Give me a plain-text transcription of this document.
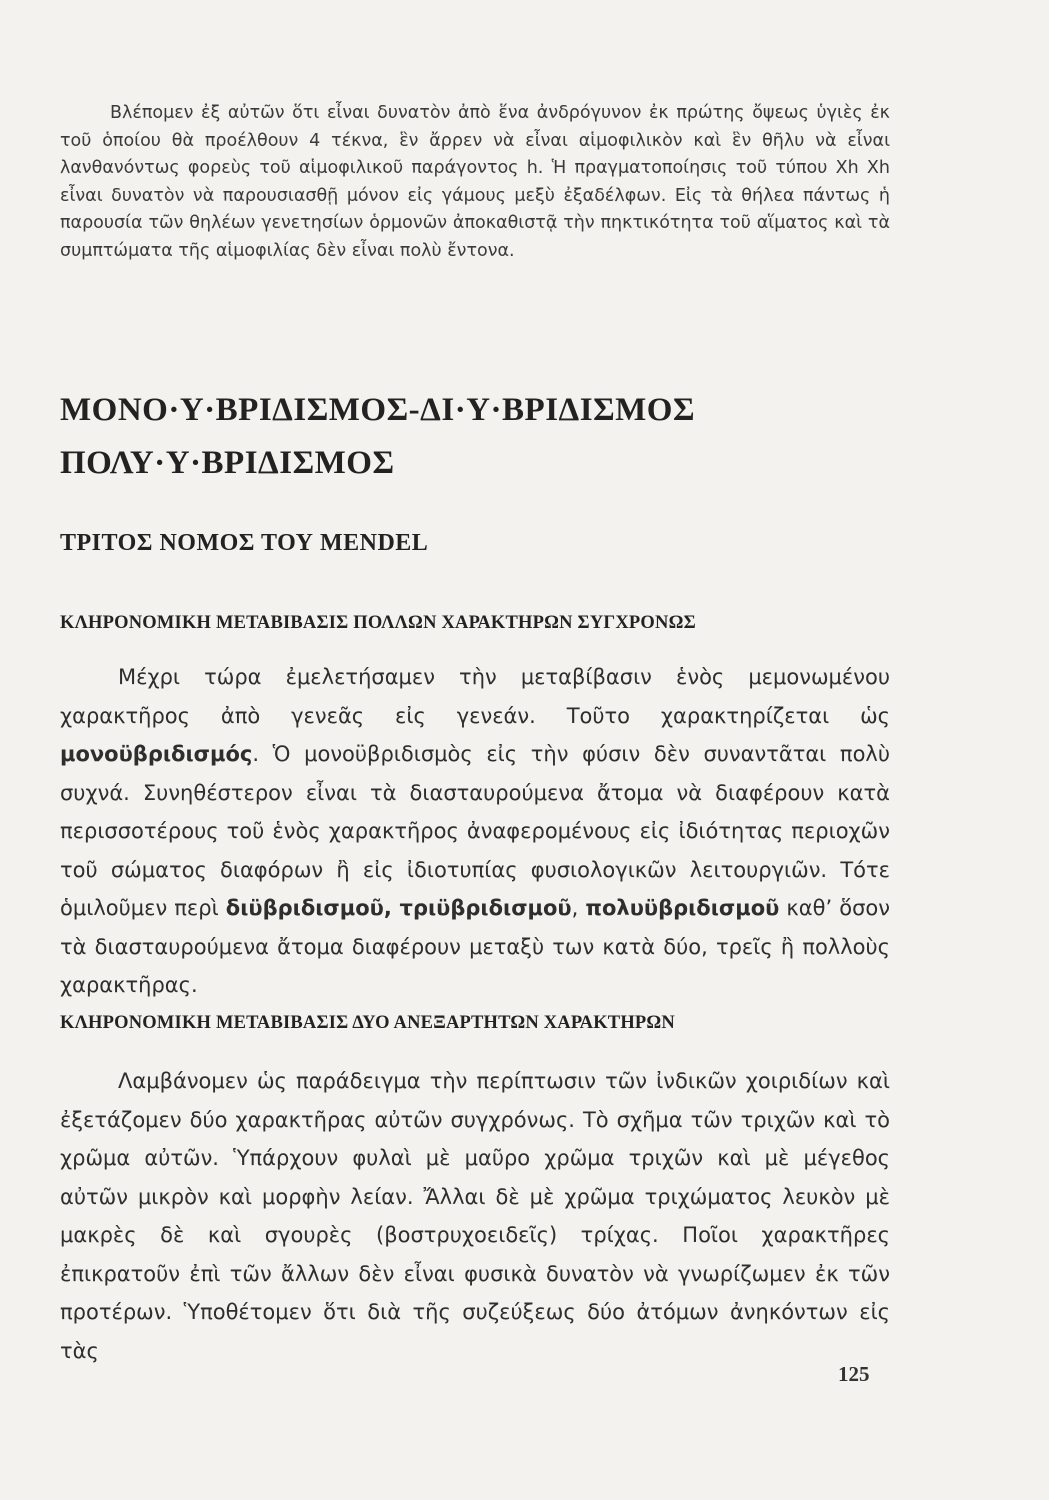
Βλέπομεν ἐξ αὐτῶν ὅτι εἶναι δυνατὸν ἀπὸ ἕνα ἀνδρόγυνον ἐκ πρώτης ὄψεως ὑγιὲς ἐκ τοῦ ὁποίου θὰ προέλθουν 4 τέκνα, ἓν ἄρρεν νὰ εἶναι αἱμοφιλικὸν καὶ ἓν θῆλυ νὰ εἶναι λανθανόντως φορεὺς τοῦ αἱμοφιλικοῦ παράγοντος h. Ἡ πραγματοποίησις τοῦ τύπου Xh Xh εἶναι δυνατὸν νὰ παρουσιασθῇ μόνον εἰς γάμους μεξὺ ἐξαδέλφων. Εἰς τὰ θήλεα πάντως ἡ παρουσία τῶν θηλέων γενετησίων ὁρμονῶν ἀποκαθιστᾷ τὴν πηκτικότητα τοῦ αἵματος καὶ τὰ συμπτώματα τῆς αἱμοφιλίας δὲν εἶναι πολὺ ἔντονα.

ΜΟΝΟ·Υ·ΒΡΙΔΙΣΜΟΣ-ΔΙ·Υ·ΒΡΙΔΙΣΜΟΣ
ΠΟΛΥ·Υ·ΒΡΙΔΙΣΜΟΣ
ΤΡΙΤΟΣ ΝΟΜΟΣ ΤΟΥ MENDEL
ΚΛΗΡΟΝΟΜΙΚΗ ΜΕΤΑΒΙΒΑΣΙΣ ΠΟΛΛΩΝ ΧΑΡΑΚΤΗΡΩΝ ΣΥΓΧΡΟΝΩΣ

Μέχρι τώρα ἐμελετήσαμεν τὴν μεταβίβασιν ἑνὸς μεμονωμένου χαρακτῆρος ἀπὸ γενεᾶς εἰς γενεάν. Τοῦτο χαρακτηρίζεται ὡς μονοϋβριδισμός. Ὁ μονοϋβριδισμὸς εἰς τὴν φύσιν δὲν συναντᾶται πολὺ συχνά. Συνηθέστερον εἶναι τὰ διασταυρούμενα ἄτομα νὰ διαφέρουν κατὰ περισσοτέρους τοῦ ἑνὸς χαρακτῆρος ἀναφερομένους εἰς ἰδιότητας περιοχῶν τοῦ σώματος διαφόρων ἢ εἰς ἰδιοτυπίας φυσιολογικῶν λειτουργιῶν. Τότε ὁμιλοῦμεν περὶ διϋβριδισμοῦ, τριϋβριδισμοῦ, πολυϋβριδισμοῦ καθ’ ὅσον τὰ διασταυρούμενα ἄτομα διαφέρουν μεταξὺ των κατὰ δύο, τρεῖς ἢ πολλοὺς χαρακτῆρας.

ΚΛΗΡΟΝΟΜΙΚΗ ΜΕΤΑΒΙΒΑΣΙΣ ΔΥΟ ΑΝΕΞΑΡΤΗΤΩΝ ΧΑΡΑΚΤΗΡΩΝ

Λαμβάνομεν ὡς παράδειγμα τὴν περίπτωσιν τῶν ἰνδικῶν χοιριδίων καὶ ἐξετάζομεν δύο χαρακτῆρας αὐτῶν συγχρόνως. Τὸ σχῆμα τῶν τριχῶν καὶ τὸ χρῶμα αὐτῶν. Ὑπάρχουν φυλαὶ μὲ μαῦρο χρῶμα τριχῶν καὶ μὲ μέγεθος αὐτῶν μικρὸν καὶ μορφὴν λείαν. Ἄλλαι δὲ μὲ χρῶμα τριχώματος λευκὸν μὲ μακρὲς δὲ καὶ σγουρὲς (βοστρυχοειδεῖς) τρίχας. Ποῖοι χαρακτῆρες ἐπικρατοῦν ἐπὶ τῶν ἄλλων δὲν εἶναι φυσικὰ δυνατὸν νὰ γνωρίζωμεν ἐκ τῶν προτέρων. Ὑποθέτομεν ὅτι διὰ τῆς συζεύξεως δύο ἀτόμων ἀνηκόντων εἰς τὰς

125
